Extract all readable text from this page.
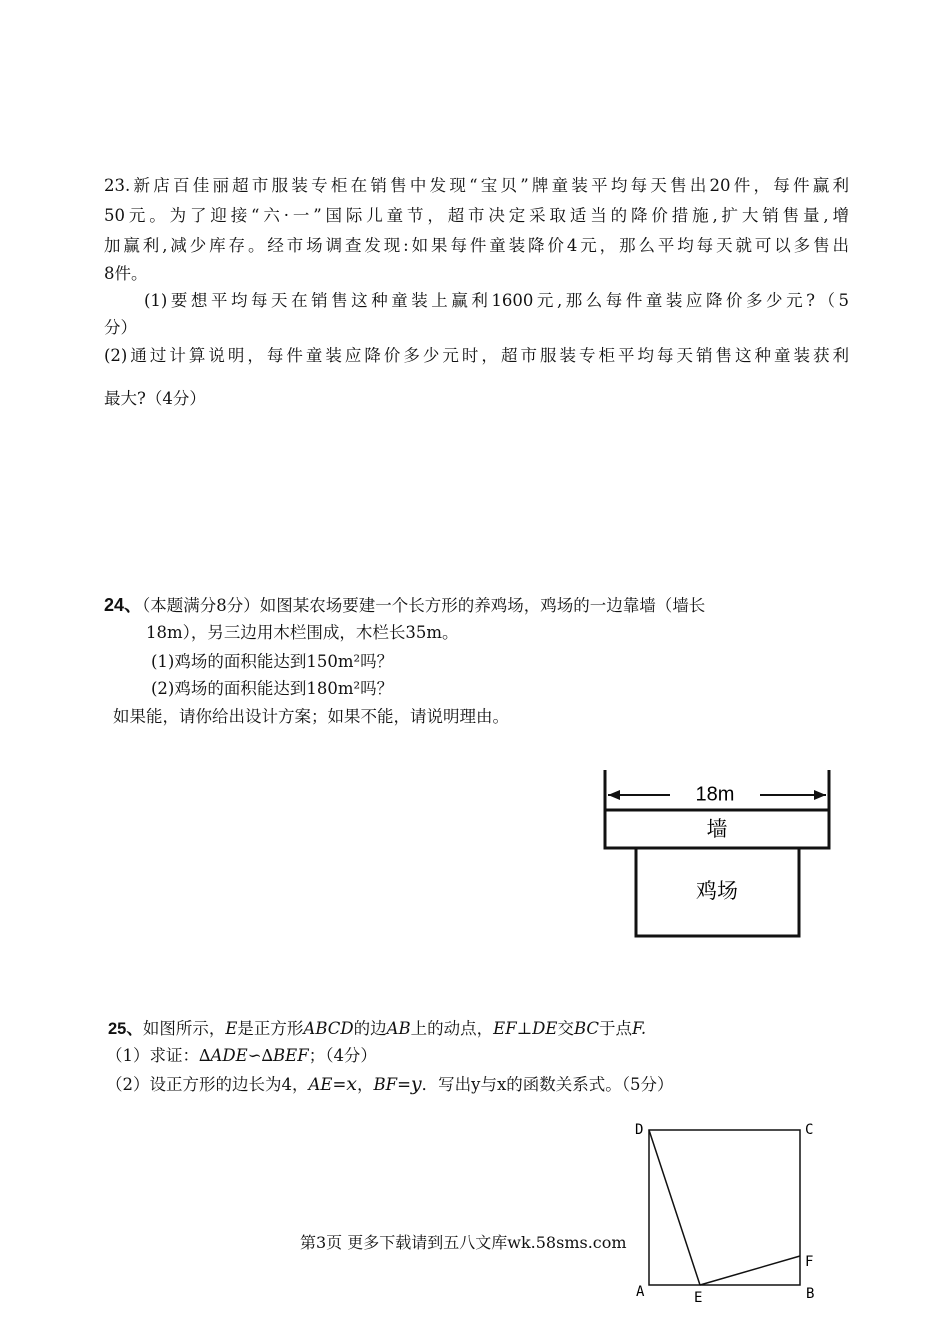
23.新店百佳丽超市服装专柜在销售中发现“宝贝”牌童装平均每天售出20件，每件赢利
50元。为了迎接“六·一”国际儿童节，超市决定采取适当的降价措施,扩大销售量,增
加赢利,减少库存。经市场调查发现:如果每件童装降价4元，那么平均每天就可以多售出
8件。
(1)要想平均每天在销售这种童装上赢利1600元,那么每件童装应降价多少元?（5
分）
(2)通过计算说明，每件童装应降价多少元时，超市服装专柜平均每天销售这种童装获利
最大?（4分）
24、（本题满分8分）如图某农场要建一个长方形的养鸡场，鸡场的一边靠墙（墙长
18m），另三边用木栏围成，木栏长35m。
(1)鸡场的面积能达到150m²吗？
(2)鸡场的面积能达到180m²吗？
如果能，请你给出设计方案；如果不能，请说明理由。
18m
墙
鸡场
25、如图所示，E是正方形ABCD的边AB上的动点，EF⊥DE交BC于点F.
（1）求证：∆ADE∽∆BEF；（4分）
（2）设正方形的边长为4，AE=x，BF=y．写出y与x的函数关系式。（5分）
D	C
A	B
E
F
第3页 更多下载请到五八文库wk.58sms.com
